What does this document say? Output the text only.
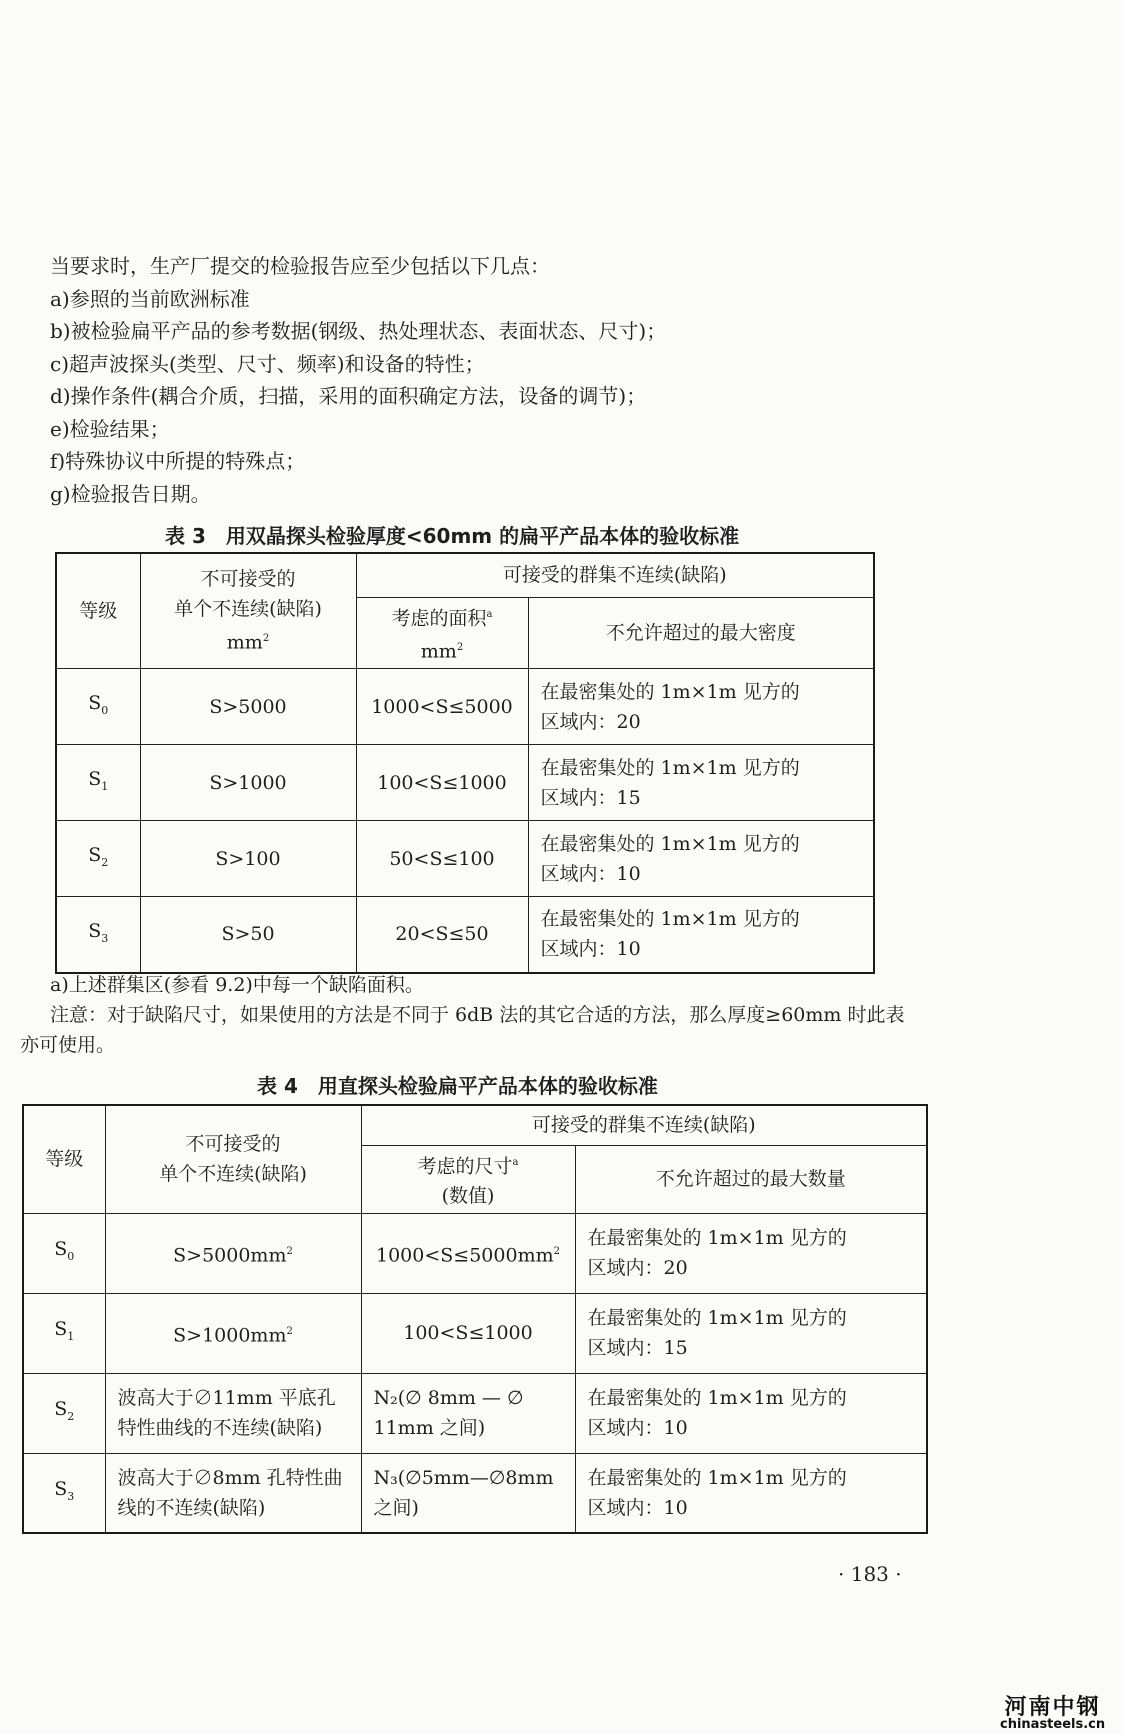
当要求时，生产厂提交的检验报告应至少包括以下几点：

a)参照的当前欧洲标准

b)被检验扁平产品的参考数据(钢级、热处理状态、表面状态、尺寸)；

c)超声波探头(类型、尺寸、频率)和设备的特性；

d)操作条件(耦合介质，扫描，采用的面积确定方法，设备的调节)；

e)检验结果；

f)特殊协议中所提的特殊点；

g)检验报告日期。

表 3　用双晶探头检验厚度<60mm 的扁平产品本体的验收标准
等级	不可接受的
单个不连续(缺陷)
$mm^2$	可接受的群集不连续(缺陷)	

		考虑的面积$^a$
$mm^2$	不允许超过的最大密度
$S_0$	S>5000	1000<S≤5000	在最密集处的 1m×1m 见方的
区域内：20

$S_1$	S>1000	100<S≤1000	在最密集处的 1m×1m 见方的
区域内：15

$S_2$	S>100	50<S≤100	在最密集处的 1m×1m 见方的
区域内：10

$S_3$	S>50	20<S≤50	在最密集处的 1m×1m 见方的
区域内：10
a)上述群集区(参看 9.2)中每一个缺陷面积。
注意：对于缺陷尺寸，如果使用的方法是不同于 6dB 法的其它合适的方法，那么厚度≥60mm 时此表亦可使用。
表 4　用直探头检验扁平产品本体的验收标准
等级	不可接受的
单个不连续(缺陷)	可接受的群集不连续(缺陷)	

		考虑的尺寸$^a$
(数值)	不允许超过的最大数量
$S_0$	$S>5000mm^2$	$1000<S\le 5000mm^2$	在最密集处的 1m×1m 见方的
区域内：20

$S_1$	$S>1000mm^2$	100<S≤1000	在最密集处的 1m×1m 见方的
区域内：15

$S_2$	波高大于∅11mm 平底孔特性曲线的不连续(缺陷)	N₂(∅ 8mm — ∅ 11mm 之间)	在最密集处的 1m×1m 见方的
区域内：10

$S_3$	波高大于∅8mm 孔特性曲线的不连续(缺陷)	N₃(∅5mm—∅8mm 之间)	在最密集处的 1m×1m 见方的
区域内：10
· 183 ·
河南中钢
chinasteels.cn
